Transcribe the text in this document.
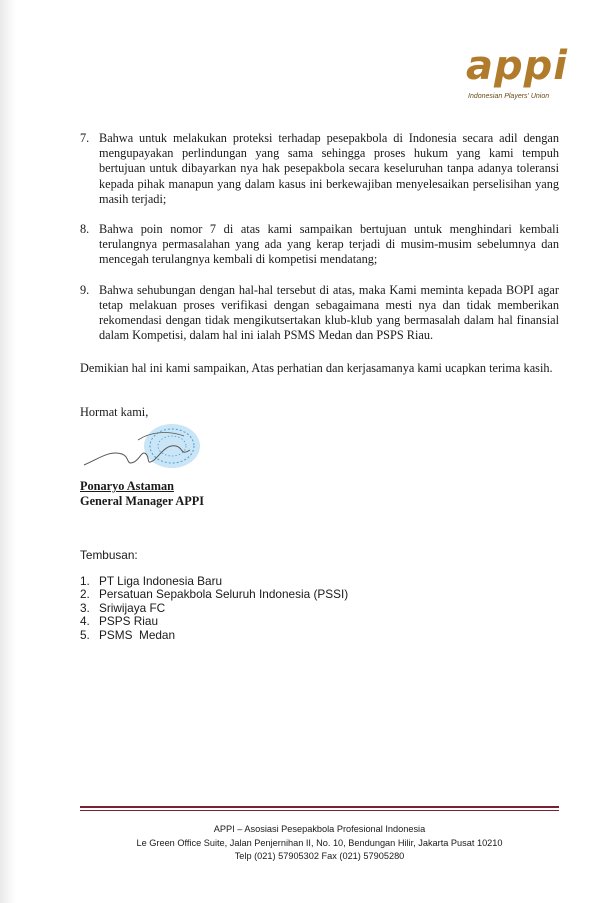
appi
Indonesian Players' Union
7. Bahwa untuk melakukan proteksi terhadap pesepakbola di Indonesia secara adil dengan mengupayakan perlindungan yang sama sehingga proses hukum yang kami tempuh bertujuan untuk dibayarkan nya hak pesepakbola secara keseluruhan tanpa adanya toleransi kepada pihak manapun yang dalam kasus ini berkewajiban menyelesaikan perselisihan yang masih terjadi;
8. Bahwa poin nomor 7 di atas kami sampaikan bertujuan untuk menghindari kembali terulangnya permasalahan yang ada yang kerap terjadi di musim-musim sebelumnya dan mencegah terulangnya kembali di kompetisi mendatang;
9. Bahwa sehubungan dengan hal-hal tersebut di atas, maka Kami meminta kepada BOPI agar tetap melakuan proses verifikasi dengan sebagaimana mesti nya dan tidak memberikan rekomendasi dengan tidak mengikutsertakan klub-klub yang bermasalah dalam hal finansial dalam Kompetisi, dalam hal ini ialah PSMS Medan dan PSPS Riau.
Demikian hal ini kami sampaikan, Atas perhatian dan kerjasamanya kami ucapkan terima kasih.
Hormat kami,
Ponaryo Astaman
General Manager APPI
Tembusan:
1. PT Liga Indonesia Baru
2. Persatuan Sepakbola Seluruh Indonesia (PSSI)
3. Sriwijaya FC
4. PSPS Riau
5. PSMS  Medan
APPI – Asosiasi Pesepakbola Profesional Indonesia
Le Green Office Suite, Jalan Penjernihan II, No. 10, Bendungan Hilir, Jakarta Pusat 10210
Telp (021) 57905302 Fax (021) 57905280
